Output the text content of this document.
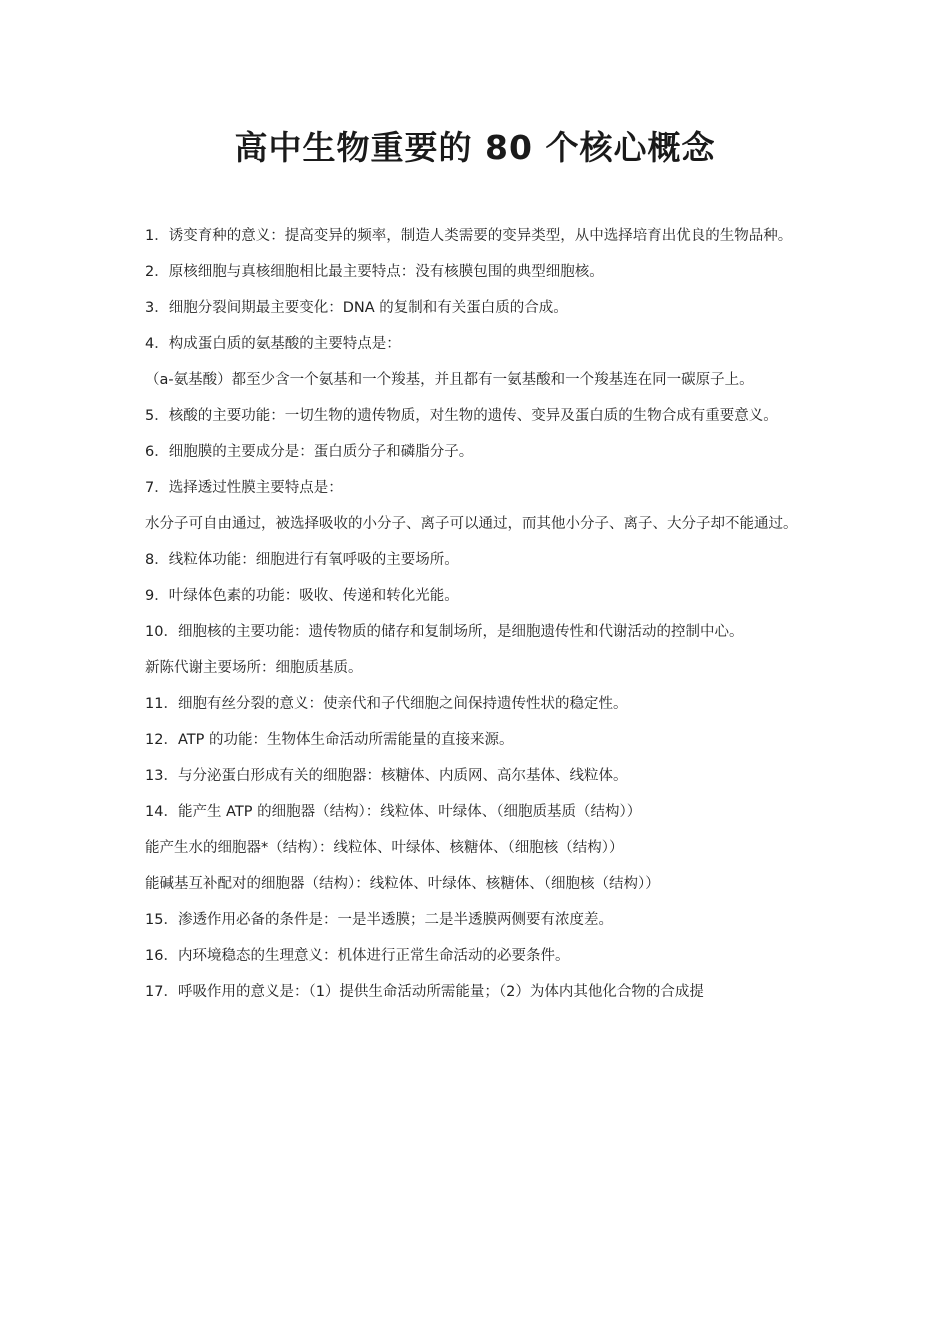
高中生物重要的 80 个核心概念

1．诱变育种的意义：提高变异的频率，制造人类需要的变异类型，从中选择培育出优良的生物品种。

2．原核细胞与真核细胞相比最主要特点：没有核膜包围的典型细胞核。

3．细胞分裂间期最主要变化：DNA 的复制和有关蛋白质的合成。

4．构成蛋白质的氨基酸的主要特点是：

（a-氨基酸）都至少含一个氨基和一个羧基，并且都有一氨基酸和一个羧基连在同一碳原子上。

5．核酸的主要功能：一切生物的遗传物质，对生物的遗传、变异及蛋白质的生物合成有重要意义。

6．细胞膜的主要成分是：蛋白质分子和磷脂分子。

7．选择透过性膜主要特点是：

水分子可自由通过，被选择吸收的小分子、离子可以通过，而其他小分子、离子、大分子却不能通过。

8．线粒体功能：细胞进行有氧呼吸的主要场所。

9．叶绿体色素的功能：吸收、传递和转化光能。

10．细胞核的主要功能：遗传物质的储存和复制场所，是细胞遗传性和代谢活动的控制中心。

新陈代谢主要场所：细胞质基质。

11．细胞有丝分裂的意义：使亲代和子代细胞之间保持遗传性状的稳定性。

12．ATP 的功能：生物体生命活动所需能量的直接来源。

13．与分泌蛋白形成有关的细胞器：核糖体、内质网、高尔基体、线粒体。

14．能产生 ATP 的细胞器（结构）：线粒体、叶绿体、（细胞质基质（结构））

能产生水的细胞器*（结构）：线粒体、叶绿体、核糖体、（细胞核（结构））

能碱基互补配对的细胞器（结构）：线粒体、叶绿体、核糖体、（细胞核（结构））

15．渗透作用必备的条件是：一是半透膜；二是半透膜两侧要有浓度差。

16．内环境稳态的生理意义：机体进行正常生命活动的必要条件。

17．呼吸作用的意义是：（1）提供生命活动所需能量；（2）为体内其他化合物的合成提
